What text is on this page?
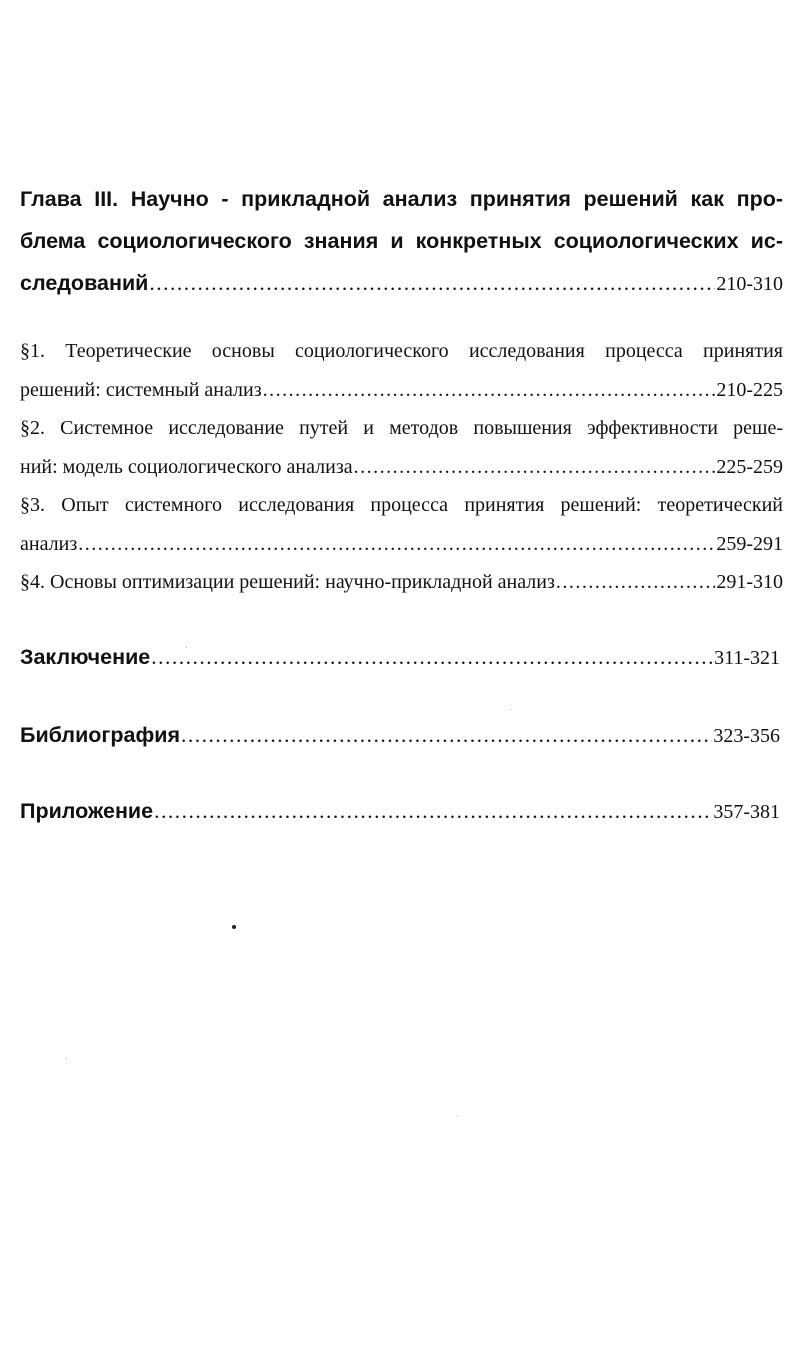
Глава III. Научно - прикладной анализ принятия решений как про-
блема социологического знания и конкретных социологических ис-
следований .....	210-310
§1. Теоретические основы социологического исследования процесса принятия
решений: системный анализ .....	210-225
§2. Системное исследование путей и методов повышения эффективности реше-
ний: модель социологического анализа .....	225-259
§3. Опыт системного исследования процесса принятия решений: теоретический
анализ .....	259-291
§4. Основы оптимизации решений: научно-прикладной анализ .....	291-310
Заключение .....	311-321
Библиография .....	323-356
Приложение .....	357-381
